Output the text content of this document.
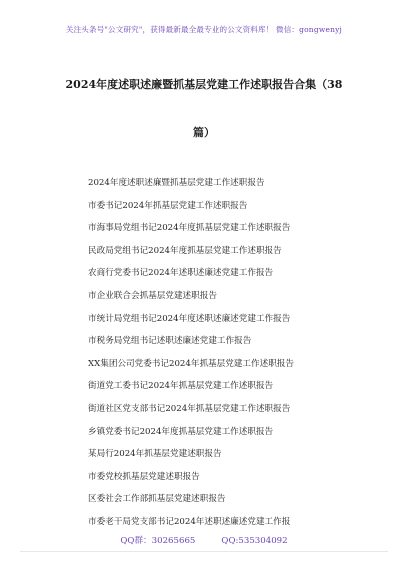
关注头条号"公文研究"，获得最新最全最专业的公文资料库！ 微信：gongwenyj
2024年度述职述廉暨抓基层党建工作述职报告合集（38
篇）
2024年度述职述廉暨抓基层党建工作述职报告
市委书记2024年抓基层党建工作述职报告
市海事局党组书记2024年度抓基层党建工作述职报告
民政局党组书记2024年度抓基层党建工作述职报告
农商行党委书记2024年述职述廉述党建工作报告
市企业联合会抓基层党建述职报告
市统计局党组书记2024年度述职述廉述党建工作报告
市税务局党组书记述职述廉述党建工作报告
XX集团公司党委书记2024年抓基层党建工作述职报告
街道党工委书记2024年抓基层党建工作述职报告
街道社区党支部书记2024年抓基层党建工作述职报告
乡镇党委书记2024年度抓基层党建工作述职报告
某局行2024年抓基层党建述职报告
市委党校抓基层党建述职报告
区委社会工作部抓基层党建述职报告
市委老干局党支部书记2024年述职述廉述党建工作报
QQ群：30265665	QQ:535304092
